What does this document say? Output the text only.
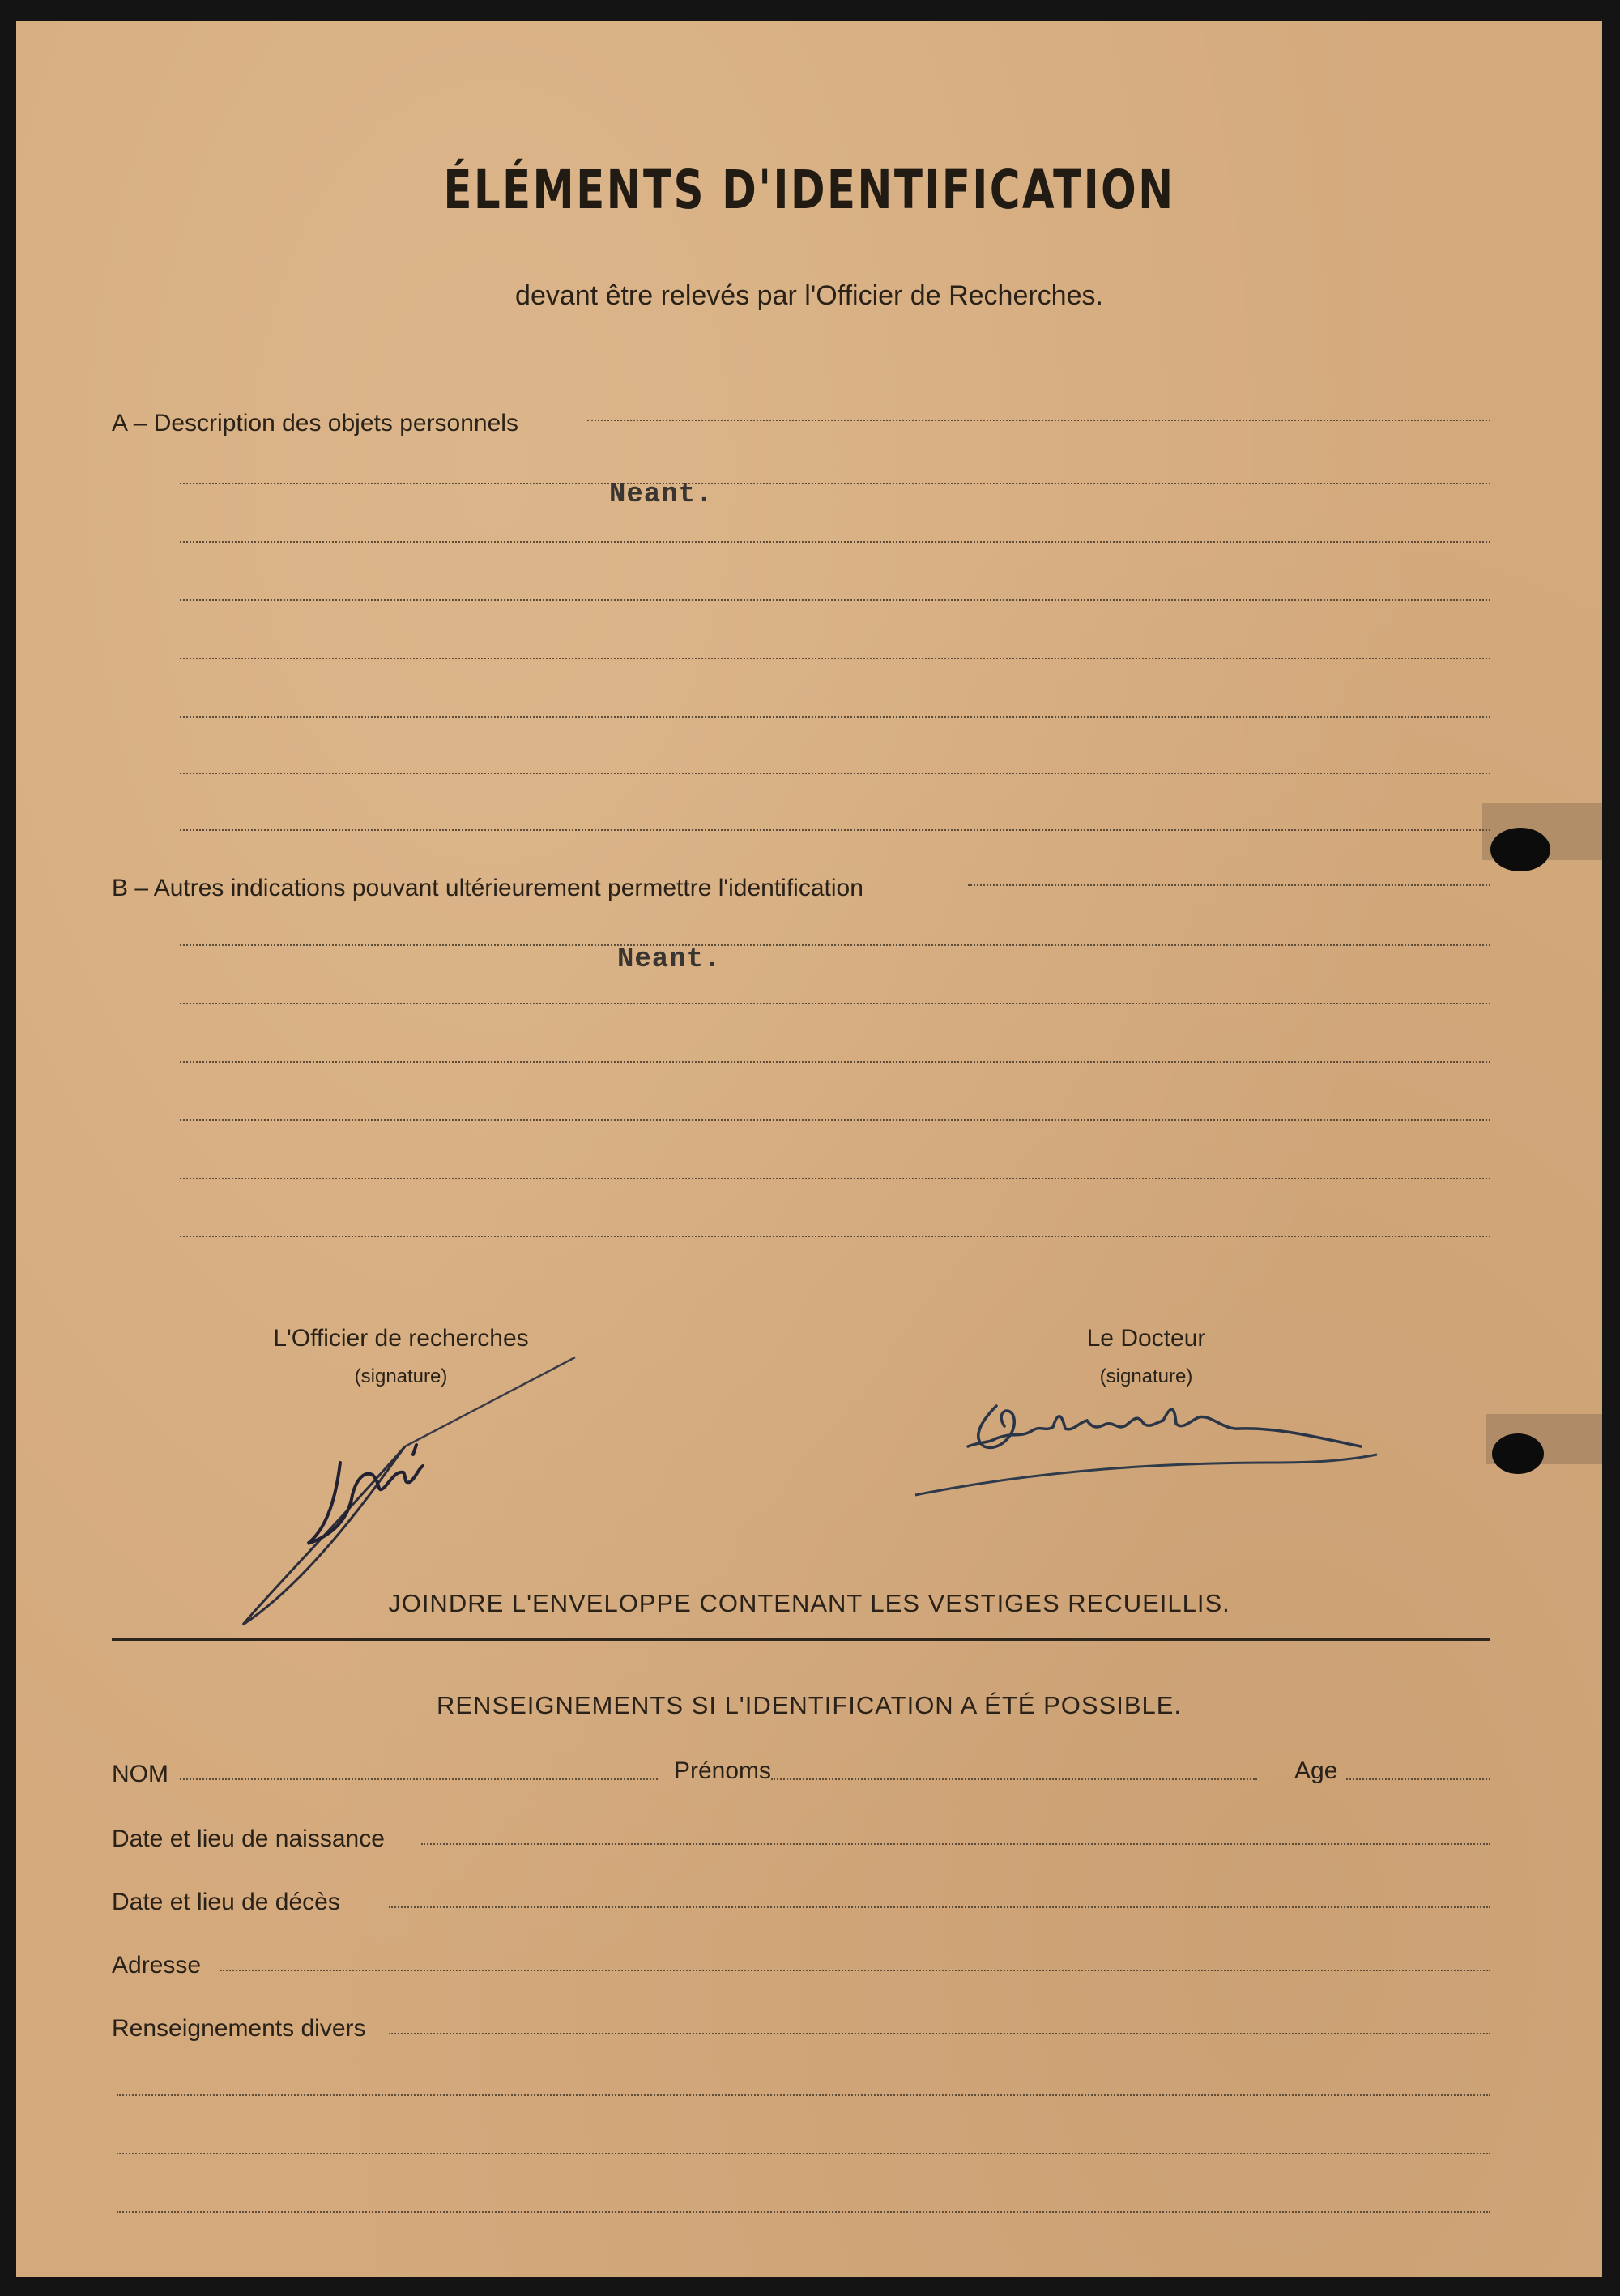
ÉLÉMENTS D'IDENTIFICATION
devant être relevés par l'Officier de Recherches.
A – Description des objets personnels
Neant.
B – Autres indications pouvant ultérieurement permettre l'identification
Neant.
L'Officier de recherches
(signature)
Le Docteur
(signature)
JOINDRE L'ENVELOPPE CONTENANT LES VESTIGES RECUEILLIS.
RENSEIGNEMENTS SI L'IDENTIFICATION A ÉTÉ POSSIBLE.
NOM	Prénoms	Age
Date et lieu de naissance
Date et lieu de décès
Adresse
Renseignements divers
